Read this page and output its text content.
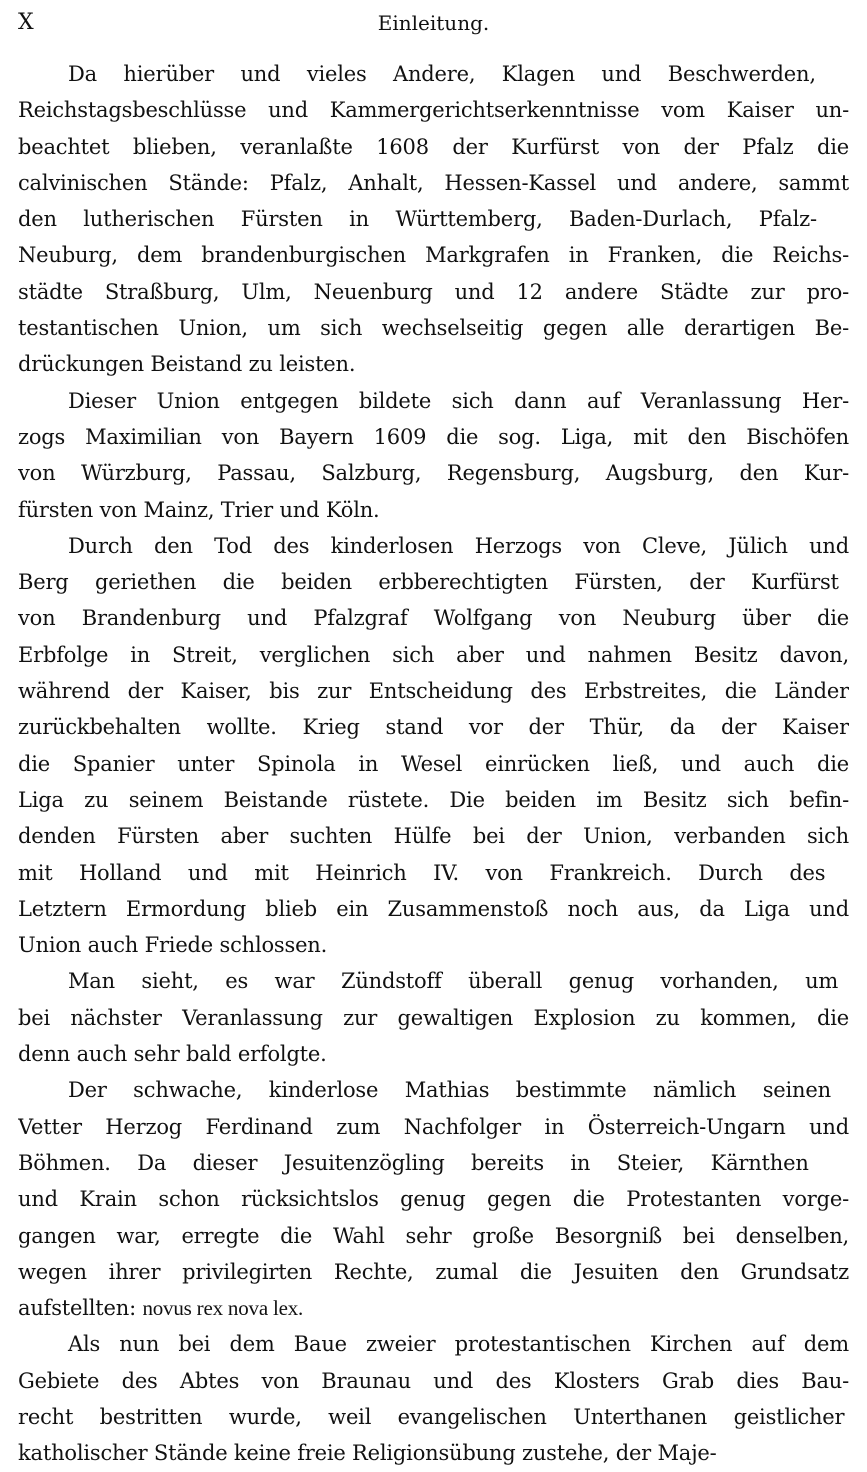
X	Einleitung.
Da hierüber und vieles Andere, Klagen und Beschwerden,
Reichstagsbeschlüsse und Kammergerichtserkenntnisse vom Kaiser un-
beachtet blieben, veranlaßte 1608 der Kurfürst von der Pfalz die
calvinischen Stände: Pfalz, Anhalt, Hessen-Kassel und andere, sammt
den lutherischen Fürsten in Württemberg, Baden-Durlach, Pfalz-
Neuburg, dem brandenburgischen Markgrafen in Franken, die Reichs-
städte Straßburg, Ulm, Neuenburg und 12 andere Städte zur pro-
testantischen Union, um sich wechselseitig gegen alle derartigen Be-
drückungen Beistand zu leisten.
Dieser Union entgegen bildete sich dann auf Veranlassung Her-
zogs Maximilian von Bayern 1609 die sog. Liga, mit den Bischöfen
von Würzburg, Passau, Salzburg, Regensburg, Augsburg, den Kur-
fürsten von Mainz, Trier und Köln.
Durch den Tod des kinderlosen Herzogs von Cleve, Jülich und
Berg geriethen die beiden erbberechtigten Fürsten, der Kurfürst
von Brandenburg und Pfalzgraf Wolfgang von Neuburg über die
Erbfolge in Streit, verglichen sich aber und nahmen Besitz davon,
während der Kaiser, bis zur Entscheidung des Erbstreites, die Länder
zurückbehalten wollte. Krieg stand vor der Thür, da der Kaiser
die Spanier unter Spinola in Wesel einrücken ließ, und auch die
Liga zu seinem Beistande rüstete. Die beiden im Besitz sich befin-
denden Fürsten aber suchten Hülfe bei der Union, verbanden sich
mit Holland und mit Heinrich IV. von Frankreich. Durch des
Letztern Ermordung blieb ein Zusammenstoß noch aus, da Liga und
Union auch Friede schlossen.
Man sieht, es war Zündstoff überall genug vorhanden, um
bei nächster Veranlassung zur gewaltigen Explosion zu kommen, die
denn auch sehr bald erfolgte.
Der schwache, kinderlose Mathias bestimmte nämlich seinen
Vetter Herzog Ferdinand zum Nachfolger in Österreich-Ungarn und
Böhmen. Da dieser Jesuitenzögling bereits in Steier, Kärnthen
und Krain schon rücksichtslos genug gegen die Protestanten vorge-
gangen war, erregte die Wahl sehr große Besorgniß bei denselben,
wegen ihrer privilegirten Rechte, zumal die Jesuiten den Grundsatz
aufstellten: novus rex nova lex.
Als nun bei dem Baue zweier protestantischen Kirchen auf dem
Gebiete des Abtes von Braunau und des Klosters Grab dies Bau-
recht bestritten wurde, weil evangelischen Unterthanen geistlicher
katholischer Stände keine freie Religionsübung zustehe, der Maje-
